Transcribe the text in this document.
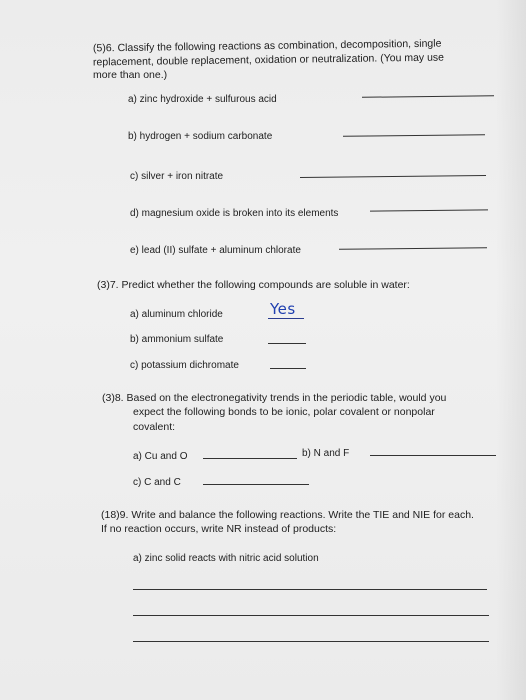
(5)6. Classify the following reactions as combination, decomposition, single
replacement, double replacement, oxidation or neutralization. (You may use
more than one.)
a) zinc hydroxide + sulfurous acid
b) hydrogen + sodium carbonate
c) silver + iron nitrate
d) magnesium oxide is broken into its elements
e) lead (II) sulfate + aluminum chlorate
(3)7. Predict whether the following compounds are soluble in water:
a) aluminum chloride	Yes
b) ammonium sulfate
c) potassium dichromate
(3)8. Based on the electronegativity trends in the periodic table, would you
expect the following bonds to be ionic, polar covalent or nonpolar
covalent:
a) Cu and O	b) N and F
c) C and C
(18)9. Write and balance the following reactions. Write the TIE and NIE for each.
If no reaction occurs, write NR instead of products:
a) zinc solid reacts with nitric acid solution
